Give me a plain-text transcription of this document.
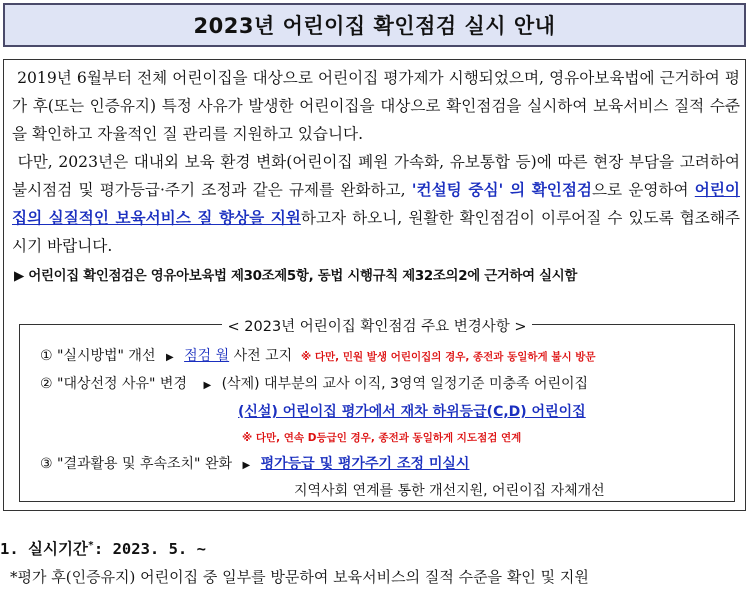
2023년 어린이집 확인점검 실시 안내

2019년 6월부터 전체 어린이집을 대상으로 어린이집 평가제가 시행되었으며, 영유아보육법에 근거하여 평가 후(또는 인증유지) 특정 사유가 발생한 어린이집을 대상으로 확인점검을 실시하여 보육서비스 질적 수준을 확인하고 자율적인 질 관리를 지원하고 있습니다.

다만, 2023년은 대내외 보육 환경 변화(어린이집 폐원 가속화, 유보통합 등)에 따른 현장 부담을 고려하여 불시점검 및 평가등급·주기 조정과 같은 규제를 완화하고, '컨설팅 중심' 의 확인점검으로 운영하여 어린이집의 실질적인 보육서비스 질 향상을 지원하고자 하오니, 원활한 확인점검이 이루어질 수 있도록 협조해주시기 바랍니다.

▶ 어린이집 확인점검은 영유아보육법 제30조제5항, 동법 시행규칙 제32조의2에 근거하여 실시함
< 2023년 어린이집 확인점검 주요 변경사항 >
① "실시방법" 개선 ▶ 점검 월 사전 고지 ※ 다만, 민원 발생 어린이집의 경우, 종전과 동일하게 불시 방문
② "대상선정 사유" 변경 ▶ (삭제) 대부분의 교사 이직, 3영역 일정기준 미충족 어린이집
(신설) 어린이집 평가에서 재차 하위등급(C,D) 어린이집
※ 다만, 연속 D등급인 경우, 종전과 동일하게 지도점검 연계
③ "결과활용 및 후속조치" 완화 ▶ 평가등급 및 평가주기 조정 미실시
지역사회 연계를 통한 개선지원, 어린이집 자체개선
1. 실시기간*: 2023. 5. ~
*평가 후(인증유지) 어린이집 중 일부를 방문하여 보육서비스의 질적 수준을 확인 및 지원
